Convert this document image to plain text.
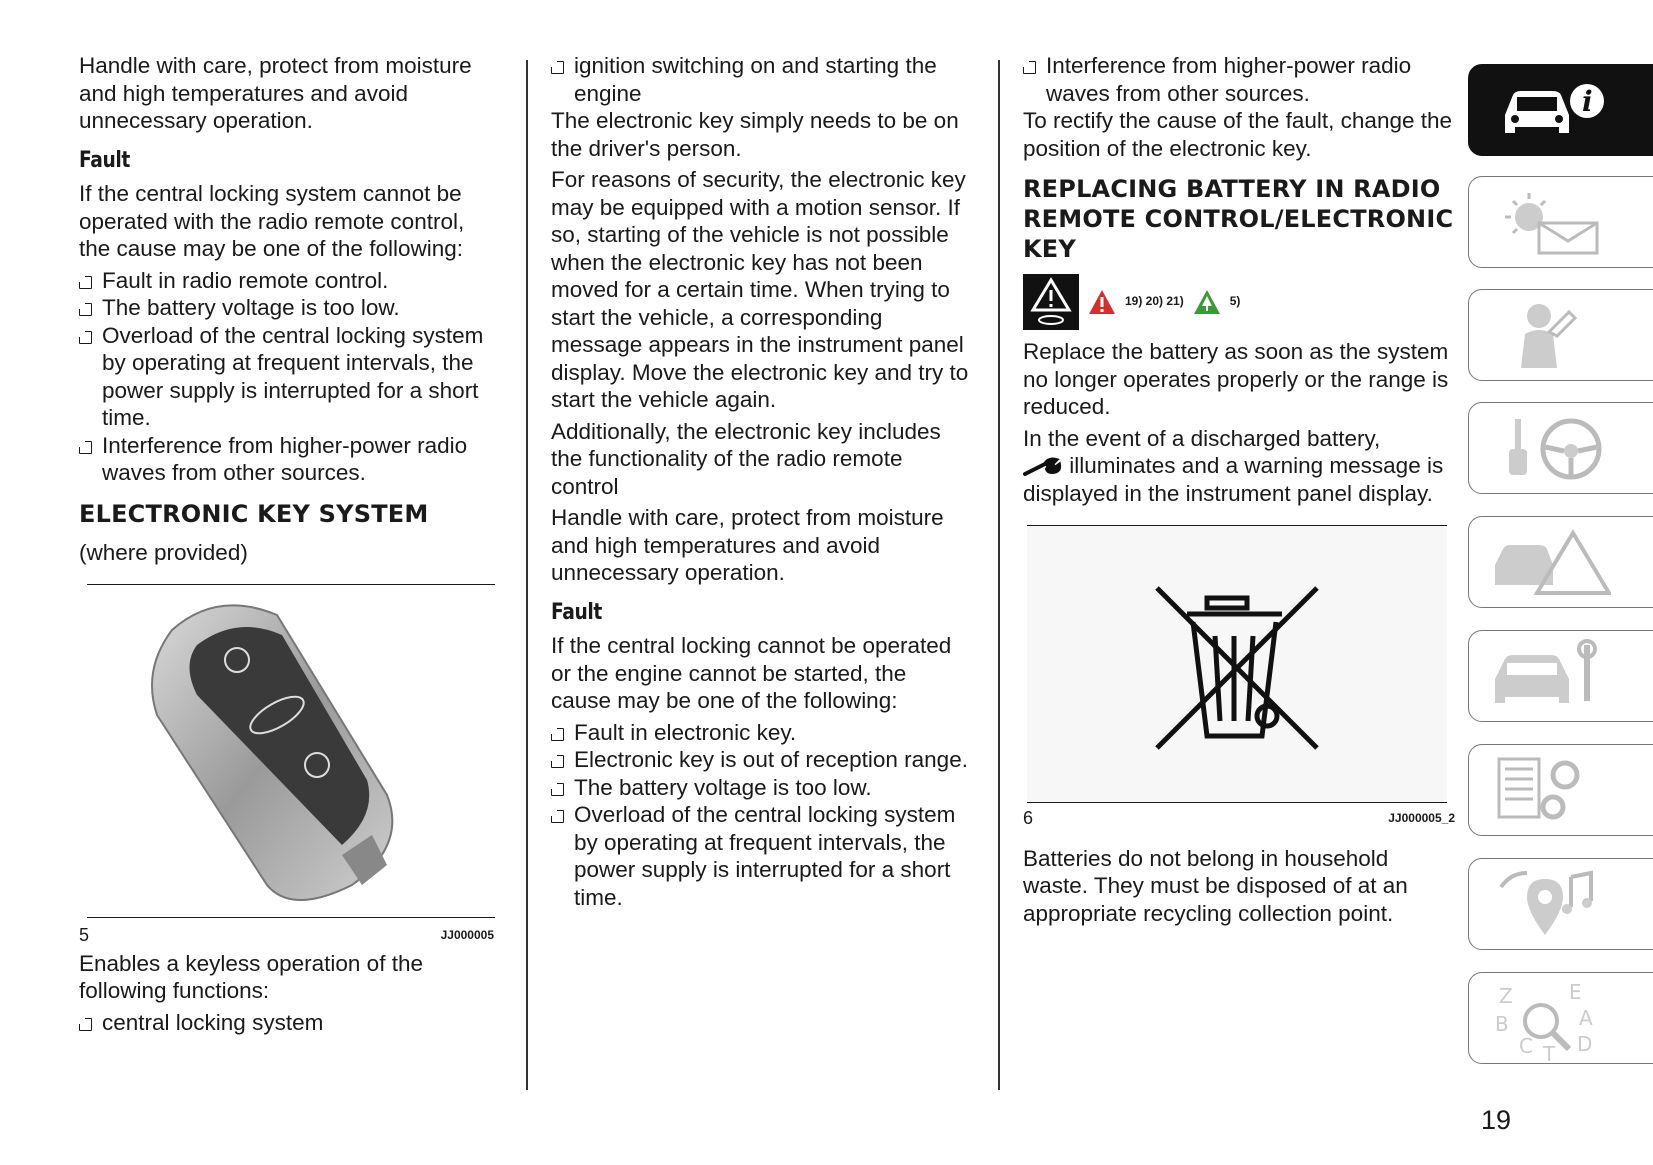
Handle with care, protect from moisture and high temperatures and avoid unnecessary operation.

Fault

If the central locking system cannot be operated with the radio remote control, the cause may be one of the following:

Fault in radio remote control.

The battery voltage is too low.

Overload of the central locking system by operating at frequent intervals, the power supply is interrupted for a short time.

Interference from higher-power radio waves from other sources.

ELECTRONIC KEY SYSTEM

(where provided)

5	JJ000005

Enables a keyless operation of the following functions:

central locking system

ignition switching on and starting the engine

The electronic key simply needs to be on the driver's person.

For reasons of security, the electronic key may be equipped with a motion sensor. If so, starting of the vehicle is not possible when the electronic key has not been moved for a certain time. When trying to start the vehicle, a corresponding message appears in the instrument panel display. Move the electronic key and try to start the vehicle again.

Additionally, the electronic key includes the functionality of the radio remote control

Handle with care, protect from moisture and high temperatures and avoid unnecessary operation.

Fault

If the central locking cannot be operated or the engine cannot be started, the cause may be one of the following:

Fault in electronic key.

Electronic key is out of reception range.

The battery voltage is too low.

Overload of the central locking system by operating at frequent intervals, the power supply is interrupted for a short time.

Interference from higher-power radio waves from other sources.

To rectify the cause of the fault, change the position of the electronic key.

REPLACING BATTERY IN RADIO REMOTE CONTROL/ELECTRONIC KEY
19) 20) 21)	5)

Replace the battery as soon as the system no longer operates properly or the range is reduced.

In the event of a discharged battery,
illuminates and a warning message is displayed in the instrument panel display.

6	JJ000005_2

Batteries do not belong in household waste. They must be disposed of at an appropriate recycling collection point.

i
Z	E
A
B
C T D
19
